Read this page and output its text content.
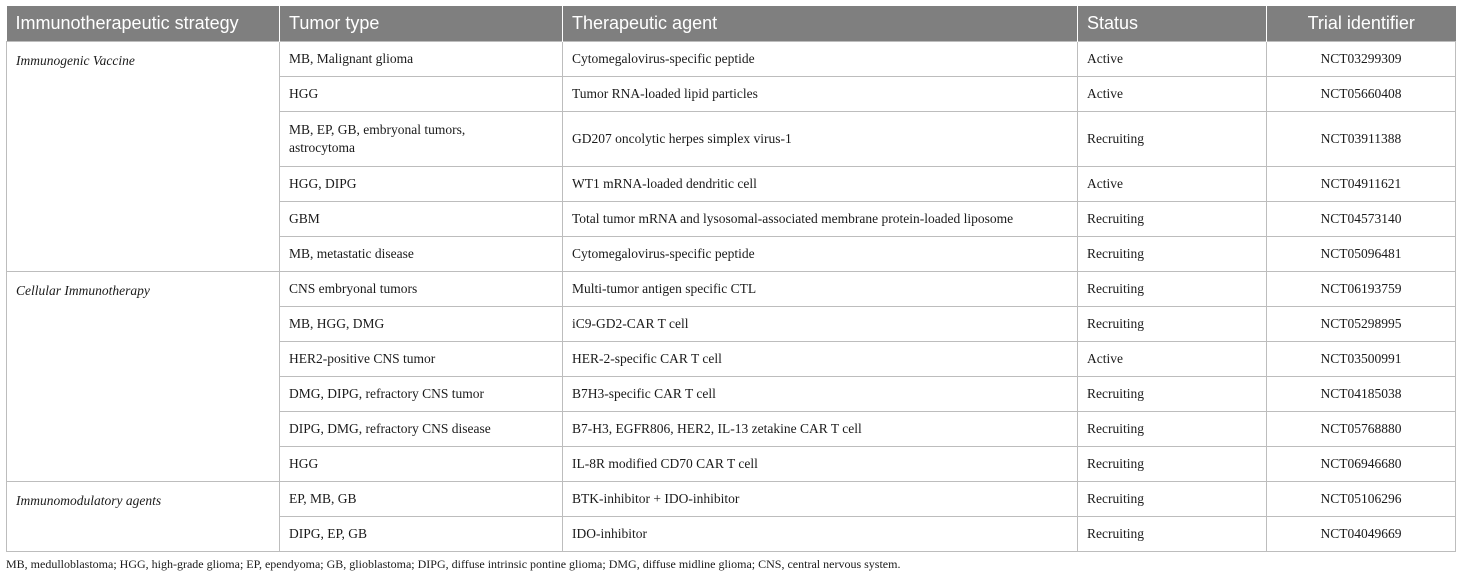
Immunotherapeutic strategy	Tumor type	Therapeutic agent	Status	Trial identifier
Immunogenic Vaccine	MB, Malignant glioma	Cytomegalovirus-specific peptide	Active	NCT03299309
	HGG	Tumor RNA-loaded lipid particles	Active	NCT05660408
	MB, EP, GB, embryonal tumors, astrocytoma	GD207 oncolytic herpes simplex virus-1	Recruiting	NCT03911388
	HGG, DIPG	WT1 mRNA-loaded dendritic cell	Active	NCT04911621
	GBM	Total tumor mRNA and lysosomal-associated membrane protein-loaded liposome	Recruiting	NCT04573140
	MB, metastatic disease	Cytomegalovirus-specific peptide	Recruiting	NCT05096481
Cellular Immunotherapy	CNS embryonal tumors	Multi-tumor antigen specific CTL	Recruiting	NCT06193759
	MB, HGG, DMG	iC9-GD2-CAR T cell	Recruiting	NCT05298995
	HER2-positive CNS tumor	HER-2-specific CAR T cell	Active	NCT03500991
	DMG, DIPG, refractory CNS tumor	B7H3-specific CAR T cell	Recruiting	NCT04185038
	DIPG, DMG, refractory CNS disease	B7-H3, EGFR806, HER2, IL-13 zetakine CAR T cell	Recruiting	NCT05768880
	HGG	IL-8R modified CD70 CAR T cell	Recruiting	NCT06946680
Immunomodulatory agents	EP, MB, GB	BTK-inhibitor + IDO-inhibitor	Recruiting	NCT05106296
	DIPG, EP, GB	IDO-inhibitor	Recruiting	NCT04049669
MB, medulloblastoma; HGG, high-grade glioma; EP, ependyoma; GB, glioblastoma; DIPG, diffuse intrinsic pontine glioma; DMG, diffuse midline glioma; CNS, central nervous system.
